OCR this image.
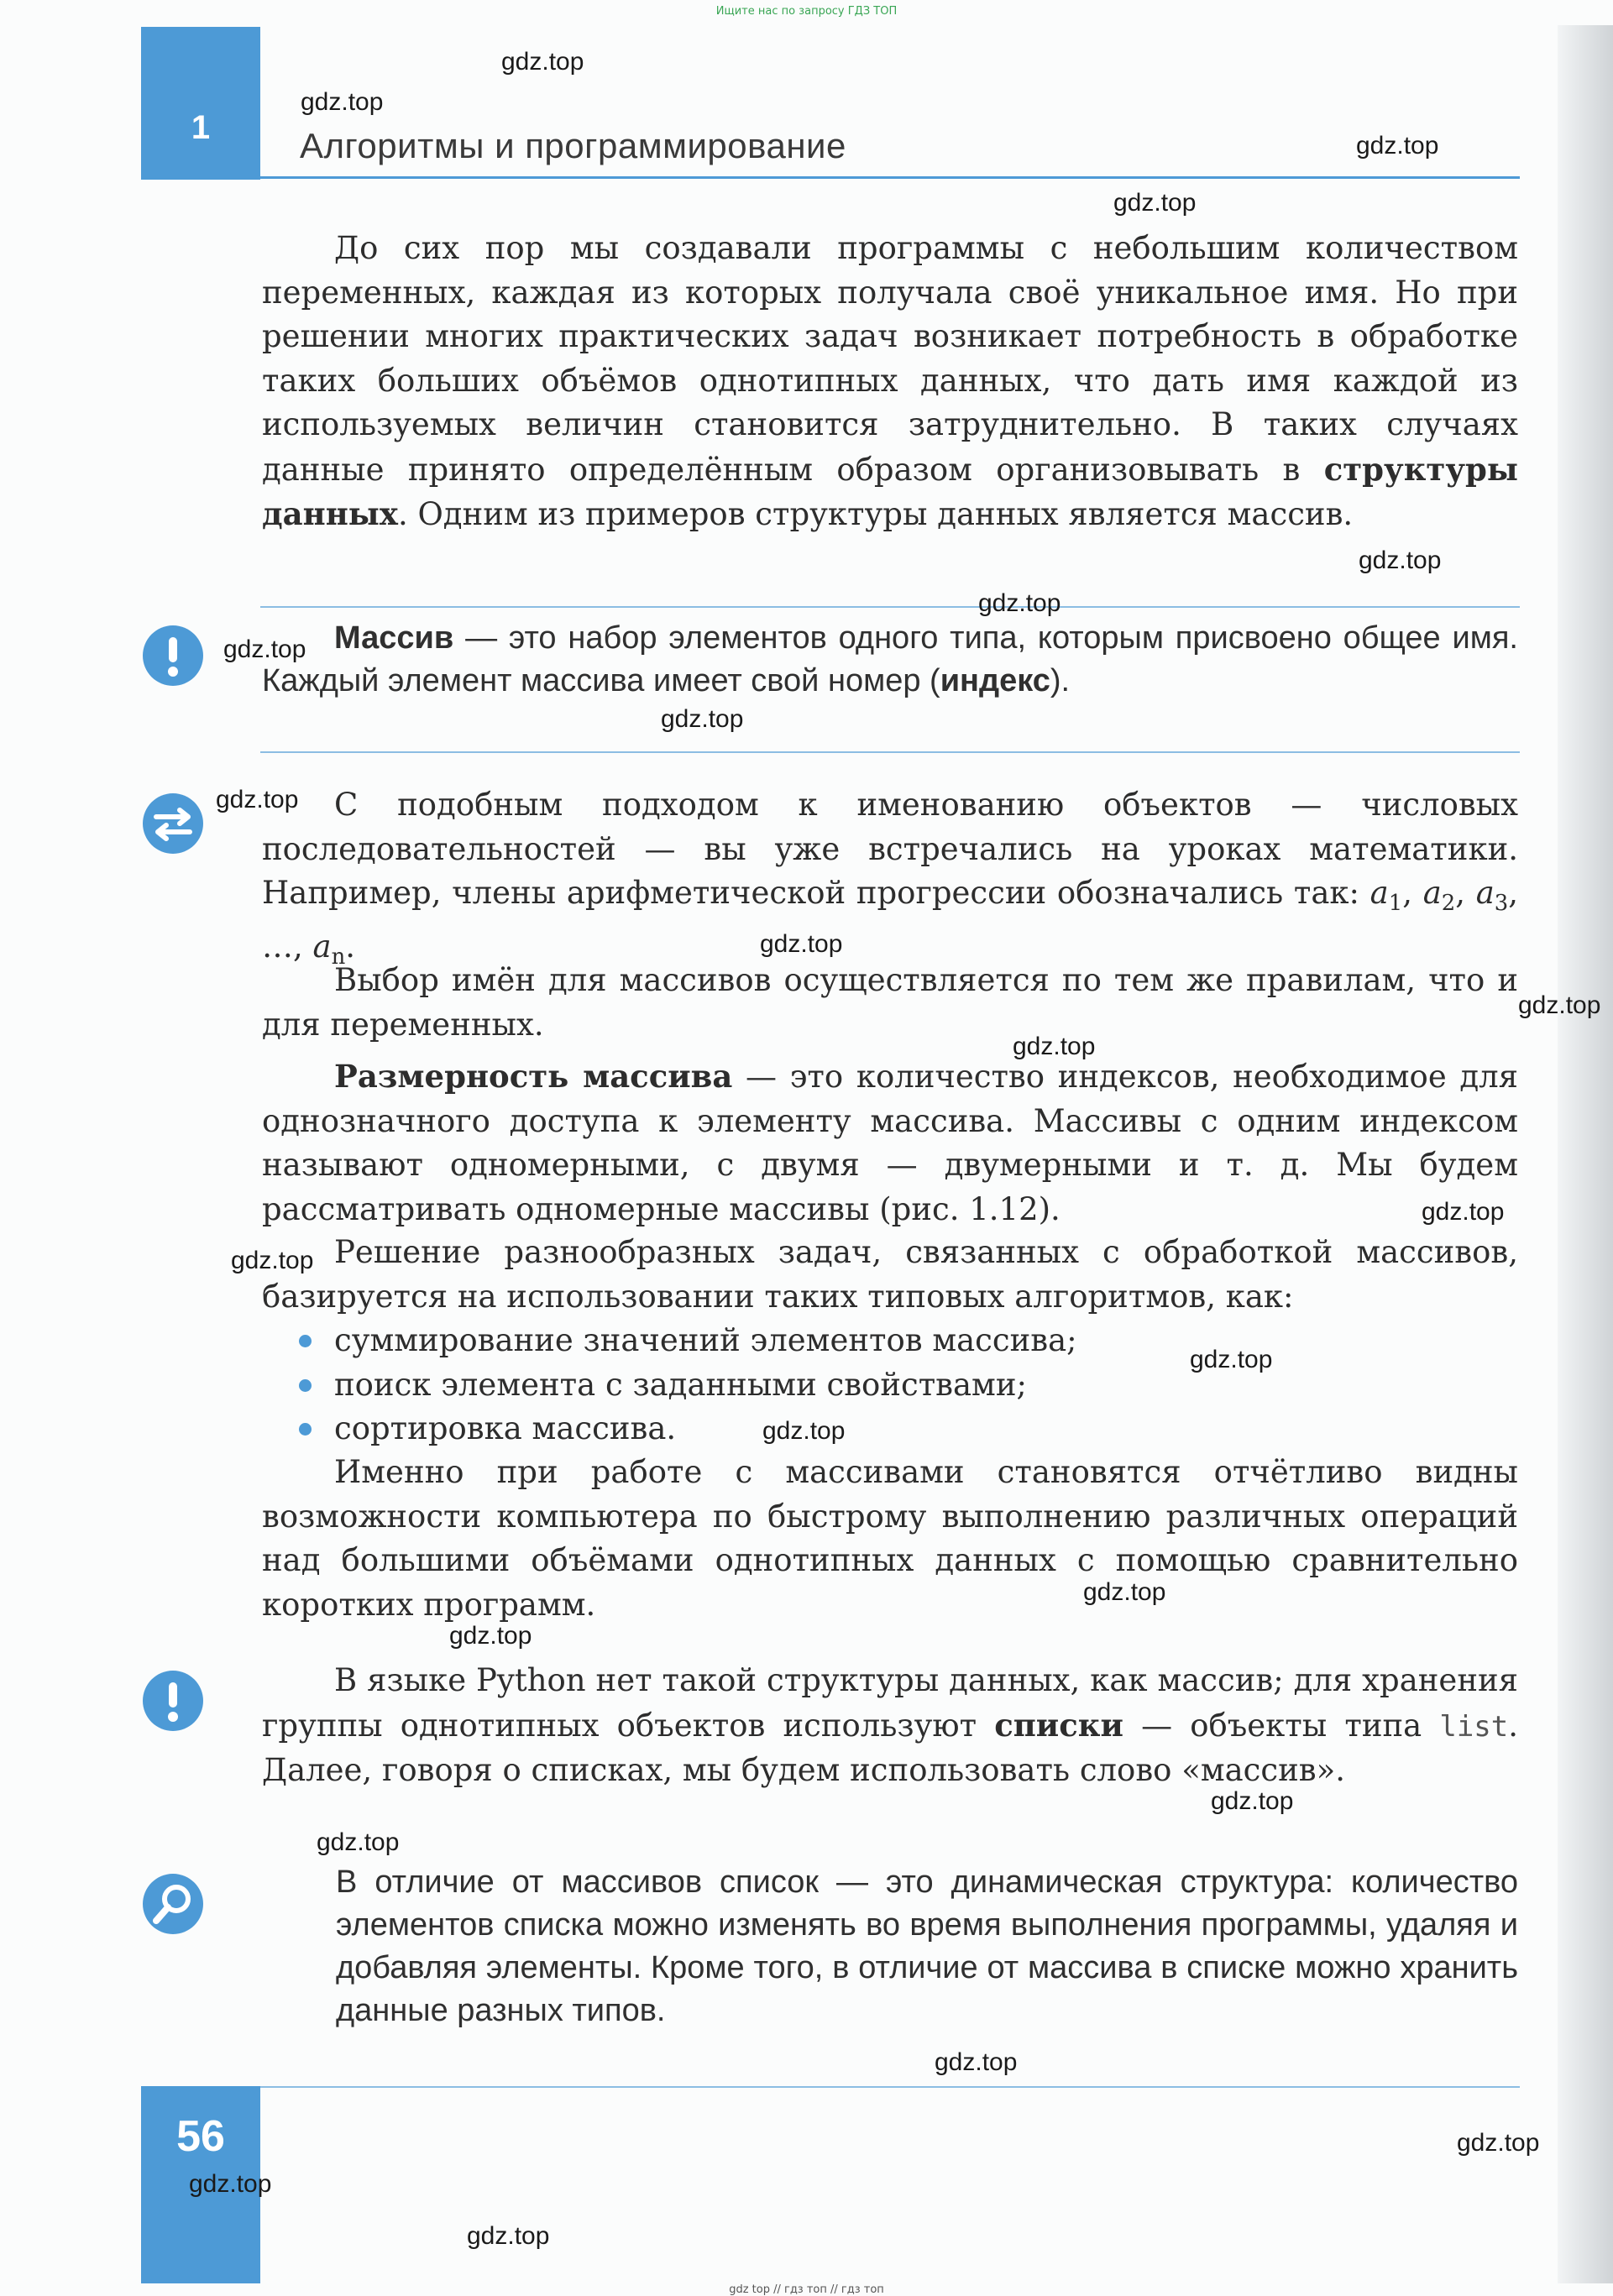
Ищите нас по запросу ГДЗ ТОП
1	Алгоритмы и программирование
До сих пор мы создавали программы с небольшим количеством переменных, каждая из которых получала своё уникальное имя. Но при решении многих практических задач возникает потребность в обработке таких больших объёмов однотипных данных, что дать имя каждой из используемых величин становится затруднительно. В таких случаях данные принято определённым образом организовывать в структуры данных. Одним из примеров структуры данных является массив.
Массив — это набор элементов одного типа, которым присвоено общее имя. Каждый элемент массива имеет свой номер (индекс).
С подобным подходом к именованию объектов — числовых последовательностей — вы уже встречались на уроках математики. Например, члены арифметической прогрессии обозначались так: $a_1$, $a_2$, $a_3$, …, $a_n$.
Выбор имён для массивов осуществляется по тем же правилам, что и для переменных.
Размерность массива — это количество индексов, необходимое для однозначного доступа к элементу массива. Массивы с одним индексом называют одномерными, с двумя — двумерными и т. д. Мы будем рассматривать одномерные массивы (рис. 1.12).
Решение разнообразных задач, связанных с обработкой массивов, базируется на использовании таких типовых алгоритмов, как:
суммирование значений элементов массива;
поиск элемента с заданными свойствами;
сортировка массива.
Именно при работе с массивами становятся отчётливо видны возможности компьютера по быстрому выполнению различных операций над большими объёмами однотипных данных с помощью сравнительно коротких программ.
В языке Python нет такой структуры данных, как массив; для хранения группы однотипных объектов используют списки — объекты типа list. Далее, говоря о списках, мы будем использовать слово «массив».
В отличие от массивов список — это динамическая структура: количество элементов списка можно изменять во время выполнения программы, удаляя и добавляя элементы. Кроме того, в отличие от массива в списке можно хранить данные разных типов.
56
gdz.top
gdz.top
gdz.top
gdz.top
gdz.top
gdz.top
gdz.top
gdz.top
gdz.top
gdz.top
gdz.top
gdz.top
gdz.top
gdz.top
gdz.top
gdz.top
gdz.top
gdz.top
gdz.top
gdz.top
gdz.top
gdz.top
gdz.top
gdz.top
gdz top // гдз топ // гдз топ
